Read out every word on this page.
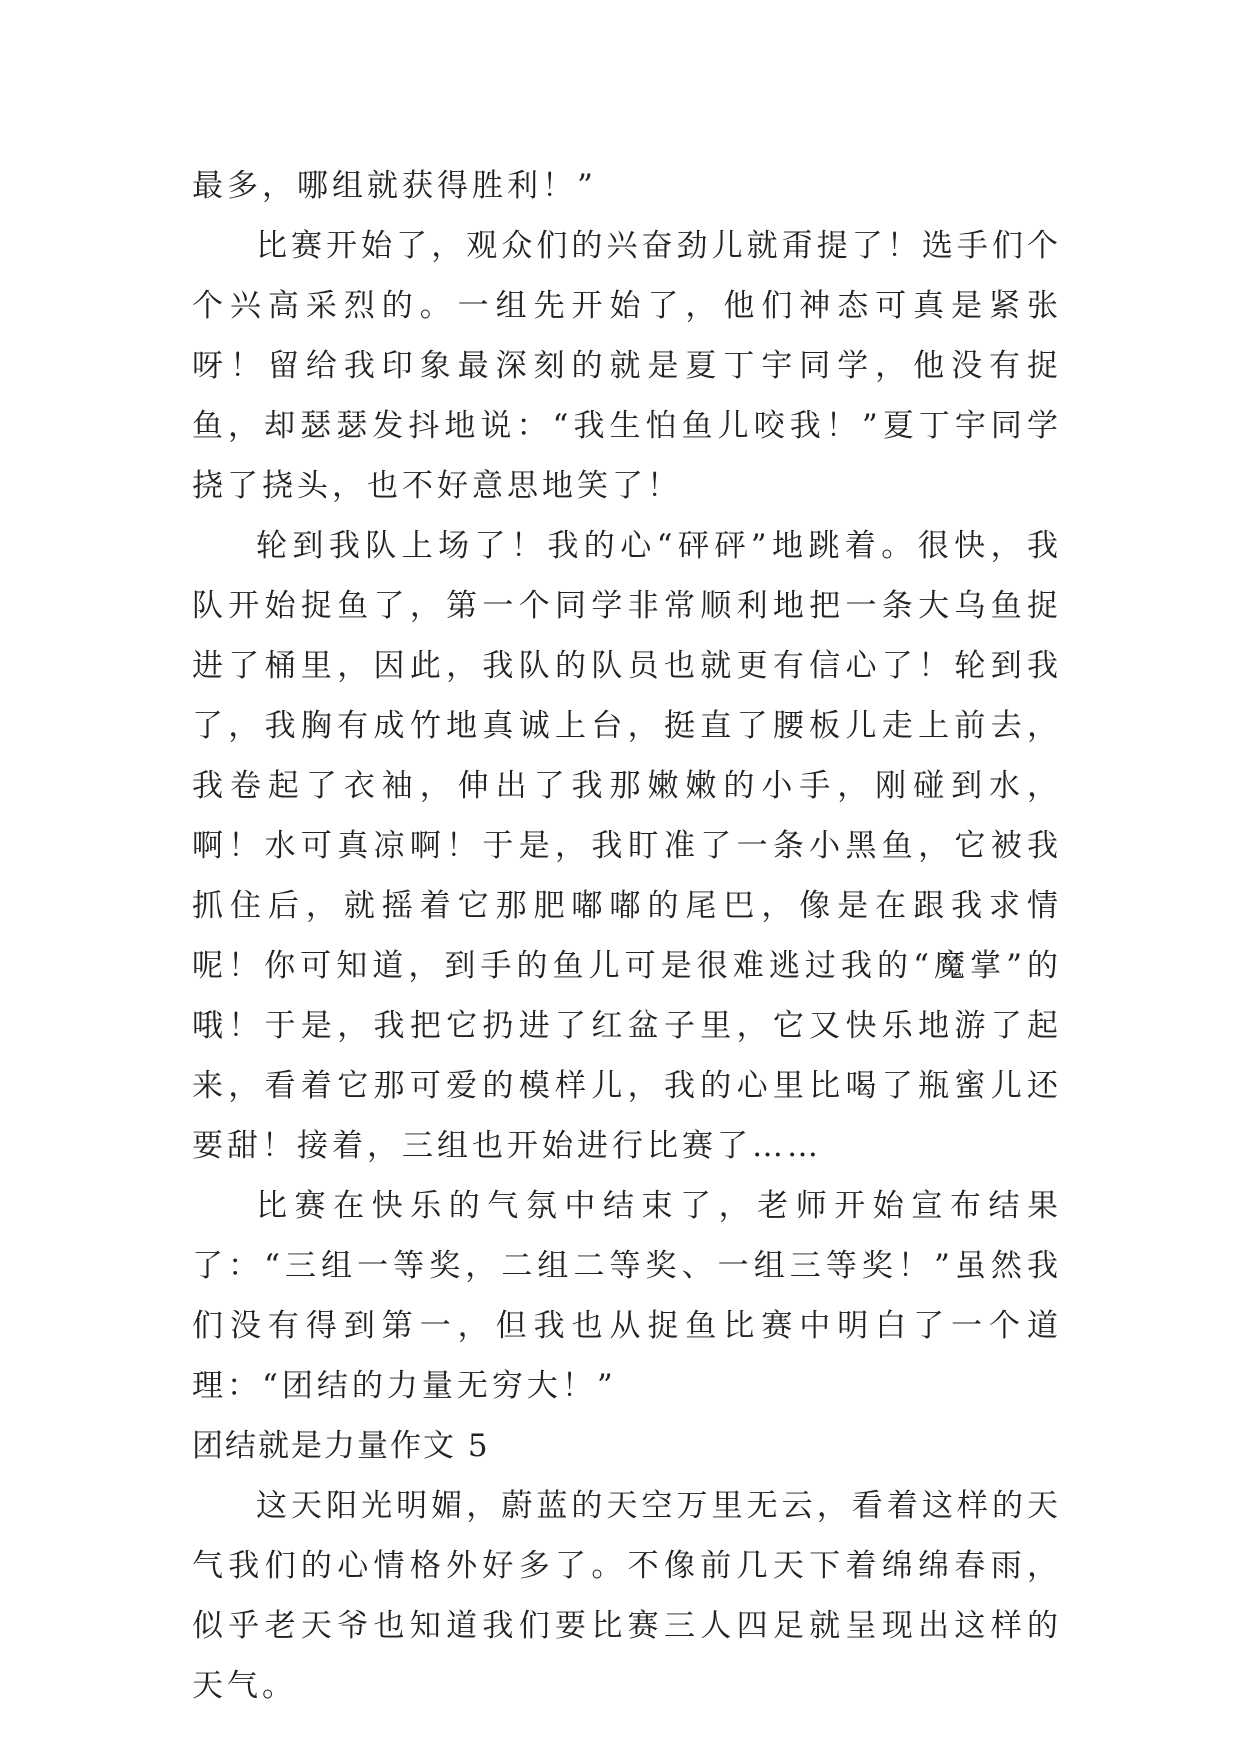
最多，哪组就获得胜利！”

比赛开始了，观众们的兴奋劲儿就甭提了！选手们个个兴高采烈的。一组先开始了，他们神态可真是紧张呀！留给我印象最深刻的就是夏丁宇同学，他没有捉鱼，却瑟瑟发抖地说：“我生怕鱼儿咬我！”夏丁宇同学挠了挠头，也不好意思地笑了！

轮到我队上场了！我的心“砰砰”地跳着。很快，我队开始捉鱼了，第一个同学非常顺利地把一条大乌鱼捉进了桶里，因此，我队的队员也就更有信心了！轮到我了，我胸有成竹地真诚上台，挺直了腰板儿走上前去，我卷起了衣袖，伸出了我那嫩嫩的小手，刚碰到水，啊！水可真凉啊！于是，我盯准了一条小黑鱼，它被我抓住后，就摇着它那肥嘟嘟的尾巴，像是在跟我求情呢！你可知道，到手的鱼儿可是很难逃过我的“魔掌”的哦！于是，我把它扔进了红盆子里，它又快乐地游了起来，看着它那可爱的模样儿，我的心里比喝了瓶蜜儿还要甜！接着，三组也开始进行比赛了……

比赛在快乐的气氛中结束了，老师开始宣布结果了：“三组一等奖，二组二等奖、一组三等奖！”虽然我们没有得到第一，但我也从捉鱼比赛中明白了一个道理：“团结的力量无穷大！”

团结就是力量作文 5

这天阳光明媚，蔚蓝的天空万里无云，看着这样的天气我们的心情格外好多了。不像前几天下着绵绵春雨，似乎老天爷也知道我们要比赛三人四足就呈现出这样的天气。
